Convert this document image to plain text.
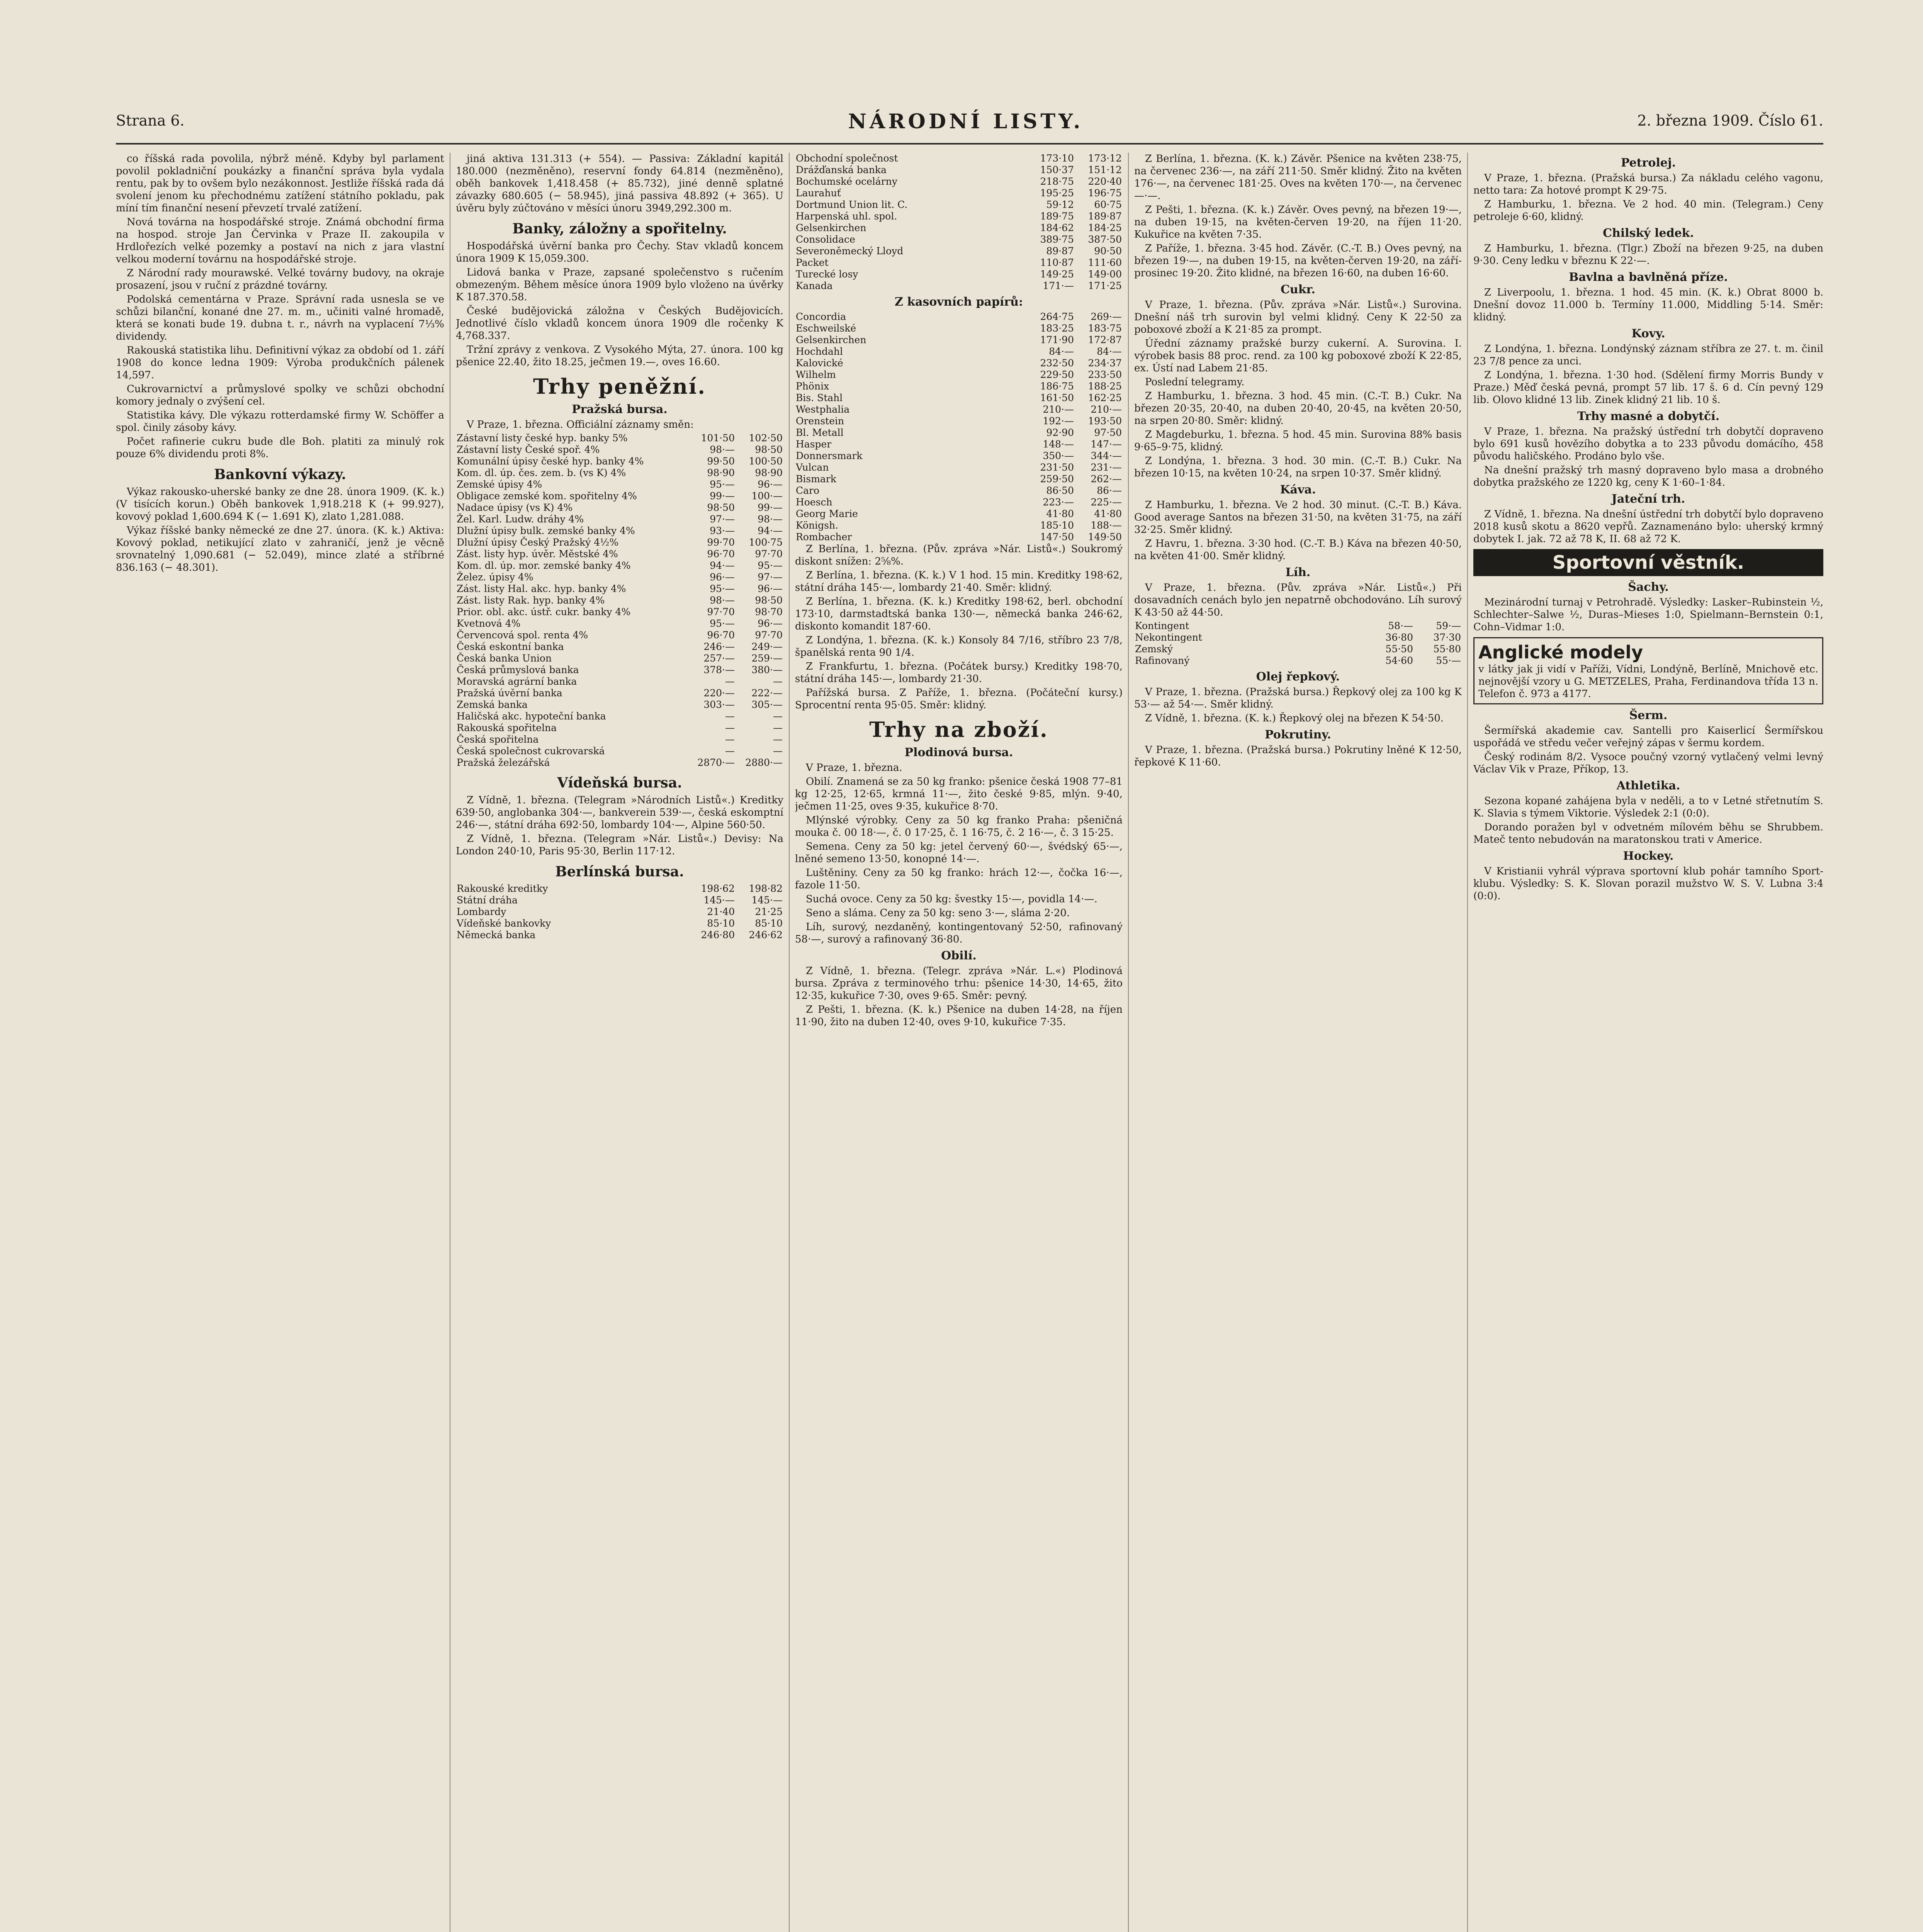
Strana 6.	NÁRODNÍ LISTY.	2. března 1909. Číslo 61.
co říšská rada povolila, nýbrž méně. Kdyby byl parlament povolil pokladniční poukázky a finanční správa byla vydala rentu, pak by to ovšem bylo nezákonnost. Jestliže říšská rada dá svolení jenom ku přechodnému zatížení státního pokladu, pak míní tím finanční nesení převzetí trvalé zatížení.
Nová továrna na hospodářské stroje. Známá obchodní firma na hospod. stroje Jan Červinka v Praze II. zakoupila v Hrdlořezích velké pozemky a postaví na nich z jara vlastní velkou moderní továrnu na hospodářské stroje.
Z Národní rady mourawské. Velké továrny budovy, na okraje prosazení, jsou v ruční z prázdné továrny.
Podolská cementárna v Praze. Správní rada usnesla se ve schůzi bilanční, konané dne 27. m. m., učiniti valné hromadě, která se konati bude 19. dubna t. r., návrh na vyplacení 7⅓% dividendy.
Rakouská statistika lihu. Definitivní výkaz za období od 1. září 1908 do konce ledna 1909: Výroba produkčních pálenek 14,597.
Cukrovarnictví a průmyslové spolky ve schůzi obchodní komory jednaly o zvýšení cel.
Statistika kávy. Dle výkazu rotterdamské firmy W. Schöffer a spol. činily zásoby kávy.
Počet rafinerie cukru bude dle Boh. platiti za minulý rok pouze 6% dividendu proti 8%.
Bankovní výkazy.
Výkaz rakousko-uherské banky ze dne 28. února 1909. (K. k.) (V tisících korun.) Oběh bankovek 1,918.218 K (+ 99.927), kovový poklad 1,600.694 K (− 1.691 K), zlato 1,281.088.
Výkaz říšské banky německé ze dne 27. února. (K. k.) Aktiva: Kovový poklad, netikující zlato v zahraničí, jenž je věcně srovnatelný 1,090.681 (− 52.049), mince zlaté a stříbrné 836.163 (− 48.301).
jiná aktiva 131.313 (+ 554). — Passiva: Základní kapitál 180.000 (nezměněno), reservní fondy 64.814 (nezměněno), oběh bankovek 1,418.458 (+ 85.732), jiné denně splatné závazky 680.605 (− 58.945), jiná passiva 48.892 (+ 365). U úvěru byly zúčtováno v měsíci únoru 3949,292.300 m.
Banky, záložny a spořitelny.
Hospodářská úvěrní banka pro Čechy. Stav vkladů koncem února 1909 K 15,059.300.
Lidová banka v Praze, zapsané společenstvo s ručením obmezeným. Během měsíce února 1909 bylo vloženo na úvěrky K 187.370.58.
České budějovická záložna v Českých Budějovicích. Jednotlivé číslo vkladů koncem února 1909 dle ročenky K 4,768.337.
Tržní zprávy z venkova. Z Vysokého Mýta, 27. února. 100 kg pšenice 22.40, žito 18.25, ječmen 19.—, oves 16.60.
Trhy peněžní.
Pražská bursa.
V Praze, 1. března. Officiální záznamy směn:
Zástavní listy české hyp. banky 5%	101·50	102·50
Zástavní listy České spoř. 4%	98·—	98·50
Komunální úpisy české hyp. banky 4%	99·50	100·50
Kom. dl. úp. čes. zem. b. (vs K) 4%	98·90	98·90
Zemské úpisy 4%	95·—	96·—
Obligace zemské kom. spořitelny 4%	99·—	100·—
Nadace úpisy (vs K) 4%	98·50	99·—
Žel. Karl. Ludw. dráhy 4%	97·—	98·—
Dlužní úpisy bulk. zemské banky 4%	93·—	94·—
Dlužní úpisy Český Pražský 4½%	99·70	100·75
Zást. listy hyp. úvěr. Městské 4%	96·70	97·70
Kom. dl. úp. mor. zemské banky 4%	94·—	95·—
Želez. úpisy 4%	96·—	97·—
Zást. listy Hal. akc. hyp. banky 4%	95·—	96·—
Zást. listy Rak. hyp. banky 4%	98·—	98·50
Prior. obl. akc. ústř. cukr. banky 4%	97·70	98·70
Kvetnová 4%	95·—	96·—
Červencová spol. renta 4%	96·70	97·70
Česká eskontní banka	246·—	249·—
Česká banka Union	257·—	259·—
Česká průmyslová banka	378·—	380·—
Moravská agrární banka	—	—
Pražská úvěrní banka	220·—	222·—
Zemská banka	303·—	305·—
Haličská akc. hypoteční banka	—	—
Rakouská spořitelna	—	—
Česká spořitelna	—	—
Česká společnost cukrovarská	—	—
Pražská železářská	2870·—	2880·—
Vídeňská bursa.
Z Vídně, 1. března. (Telegram »Národních Listů«.) Kreditky 639·50, anglobanka 304·—, bankverein 539·—, česká eskomptní 246·—, státní dráha 692·50, lombardy 104·—, Alpine 560·50.
Z Vídně, 1. března. (Telegram »Nár. Listů«.) Devisy: Na London 240·10, Paris 95·30, Berlin 117·12.
Berlínská bursa.
Rakouské kreditky	198·62	198·82
Státní dráha	145·—	145·—
Lombardy	21·40	21·25
Vídeňské bankovky	85·10	85·10
Německá banka	246·80	246·62
Obchodní společnost	173·10	173·12
Drážďanská banka	150·37	151·12
Bochumské ocelárny	218·75	220·40
Laurahuť	195·25	196·75
Dortmund Union lit. C.	59·12	60·75
Harpenská uhl. spol.	189·75	189·87
Gelsenkirchen	184·62	184·25
Consolidace	389·75	387·50
Severoněmecký Lloyd	89·87	90·50
Packet	110·87	111·60
Turecké losy	149·25	149·00
Kanada	171·—	171·25
Z kasovních papírů:
Concordia	264·75	269·—
Eschweilské	183·25	183·75
Gelsenkirchen	171·90	172·87
Hochdahl	84·—	84·—
Kalovické	232·50	234·37
Wilhelm	229·50	233·50
Phönix	186·75	188·25
Bis. Stahl	161·50	162·25
Westphalia	210·—	210·—
Orenstein	192·—	193·50
Bl. Metall	92·90	97·50
Hasper	148·—	147·—
Donnersmark	350·—	344·—
Vulcan	231·50	231·—
Bismark	259·50	262·—
Caro	86·50	86·—
Hoesch	223·—	225·—
Georg Marie	41·80	41·80
Königsh.	185·10	188·—
Rombacher	147·50	149·50
Z Berlína, 1. března. (Pův. zpráva »Nár. Listů«.) Soukromý diskont snížen: 2⅝%.
Z Berlína, 1. března. (K. k.) V 1 hod. 15 min. Kreditky 198·62, státní dráha 145·—, lombardy 21·40. Směr: klidný.
Z Berlína, 1. března. (K. k.) Kreditky 198·62, berl. obchodní 173·10, darmstadtská banka 130·—, německá banka 246·62, diskonto komandit 187·60.
Z Londýna, 1. března. (K. k.) Konsoly 84 7/16, stříbro 23 7/8, španělská renta 90 1/4.
Z Frankfurtu, 1. března. (Počátek bursy.) Kreditky 198·70, státní dráha 145·—, lombardy 21·30.
Pařížská bursa. Z Paříže, 1. března. (Počáteční kursy.) Sprocentní renta 95·05. Směr: klidný.
Trhy na zboží.
Plodinová bursa.
V Praze, 1. března.
Obilí. Znamená se za 50 kg franko: pšenice česká 1908 77–81 kg 12·25, 12·65, krmná 11·—, žito české 9·85, mlýn. 9·40, ječmen 11·25, oves 9·35, kukuřice 8·70.
Mlýnské výrobky. Ceny za 50 kg franko Praha: pšeničná mouka č. 00 18·—, č. 0 17·25, č. 1 16·75, č. 2 16·—, č. 3 15·25.
Semena. Ceny za 50 kg: jetel červený 60·—, švédský 65·—, lněné semeno 13·50, konopné 14·—.
Luštěniny. Ceny za 50 kg franko: hrách 12·—, čočka 16·—, fazole 11·50.
Suchá ovoce. Ceny za 50 kg: švestky 15·—, povidla 14·—.
Seno a sláma. Ceny za 50 kg: seno 3·—, sláma 2·20.
Líh, surový, nezdaněný, kontingentovaný 52·50, rafinovaný 58·—, surový a rafinovaný 36·80.
Obilí.
Z Vídně, 1. března. (Telegr. zpráva »Nár. L.«) Plodinová bursa. Zpráva z terminového trhu: pšenice 14·30, 14·65, žito 12·35, kukuřice 7·30, oves 9·65. Směr: pevný.
Z Pešti, 1. března. (K. k.) Pšenice na duben 14·28, na říjen 11·90, žito na duben 12·40, oves 9·10, kukuřice 7·35.
Z Berlína, 1. března. (K. k.) Závěr. Pšenice na květen 238·75, na červenec 236·—, na září 211·50. Směr klidný. Žito na květen 176·—, na červenec 181·25. Oves na květen 170·—, na červenec —·—.
Z Pešti, 1. března. (K. k.) Závěr. Oves pevný, na březen 19·—, na duben 19·15, na květen-červen 19·20, na říjen 11·20. Kukuřice na květen 7·35.
Z Paříže, 1. března. 3·45 hod. Závěr. (C.-T. B.) Oves pevný, na březen 19·—, na duben 19·15, na květen-červen 19·20, na září-prosinec 19·20. Žito klidné, na březen 16·60, na duben 16·60.
Cukr.
V Praze, 1. března. (Pův. zpráva »Nár. Listů«.) Surovina. Dnešní náš trh surovin byl velmi klidný. Ceny K 22·50 za poboxové zboží a K 21·85 za prompt.
Úřední záznamy pražské burzy cukerní. A. Surovina. I. výrobek basis 88 proc. rend. za 100 kg poboxové zboží K 22·85, ex. Ústí nad Labem 21·85.
Poslední telegramy.
Z Hamburku, 1. března. 3 hod. 45 min. (C.-T. B.) Cukr. Na březen 20·35, 20·40, na duben 20·40, 20·45, na květen 20·50, na srpen 20·80. Směr: klidný.
Z Magdeburku, 1. března. 5 hod. 45 min. Surovina 88% basis 9·65–9·75, klidný.
Z Londýna, 1. března. 3 hod. 30 min. (C.-T. B.) Cukr. Na březen 10·15, na květen 10·24, na srpen 10·37. Směr klidný.
Káva.
Z Hamburku, 1. března. Ve 2 hod. 30 minut. (C.-T. B.) Káva. Good average Santos na březen 31·50, na květen 31·75, na září 32·25. Směr klidný.
Z Havru, 1. března. 3·30 hod. (C.-T. B.) Káva na březen 40·50, na květen 41·00. Směr klidný.
Líh.
V Praze, 1. března. (Pův. zpráva »Nár. Listů«.) Při dosavadních cenách bylo jen nepatrně obchodováno. Líh surový K 43·50 až 44·50.
Kontingent	58·—	59·—
Nekontingent	36·80	37·30
Zemský	55·50	55·80
Rafinovaný	54·60	55·—
Olej řepkový.
V Praze, 1. března. (Pražská bursa.) Řepkový olej za 100 kg K 53·— až 54·—. Směr klidný.
Z Vídně, 1. března. (K. k.) Řepkový olej na březen K 54·50.
Pokrutiny.
V Praze, 1. března. (Pražská bursa.) Pokrutiny lněné K 12·50, řepkové K 11·60.
Petrolej.
V Praze, 1. března. (Pražská bursa.) Za nákladu celého vagonu, netto tara: Za hotové prompt K 29·75.
Z Hamburku, 1. března. Ve 2 hod. 40 min. (Telegram.) Ceny petroleje 6·60, klidný.
Chilský ledek.
Z Hamburku, 1. března. (Tlgr.) Zboží na březen 9·25, na duben 9·30. Ceny ledku v březnu K 22·—.
Bavlna a bavlněná příze.
Z Liverpoolu, 1. března. 1 hod. 45 min. (K. k.) Obrat 8000 b. Dnešní dovoz 11.000 b. Termíny 11.000, Middling 5·14. Směr: klidný.
Kovy.
Z Londýna, 1. března. Londýnský záznam stříbra ze 27. t. m. činil 23 7/8 pence za unci.
Z Londýna, 1. března. 1·30 hod. (Sdělení firmy Morris Bundy v Praze.) Měď česká pevná, prompt 57 lib. 17 š. 6 d. Cín pevný 129 lib. Olovo klidné 13 lib. Zinek klidný 21 lib. 10 š.
Trhy masné a dobytčí.
V Praze, 1. března. Na pražský ústřední trh dobytčí dopraveno bylo 691 kusů hovězího dobytka a to 233 původu domácího, 458 původu haličského. Prodáno bylo vše.
Na dnešní pražský trh masný dopraveno bylo masa a drobného dobytka pražského ze 1220 kg, ceny K 1·60–1·84.
Jateční trh.
Z Vídně, 1. března. Na dnešní ústřední trh dobytčí bylo dopraveno 2018 kusů skotu a 8620 vepřů. Zaznamenáno bylo: uherský krmný dobytek I. jak. 72 až 78 K, II. 68 až 72 K.
Sportovní věstník.
Šachy.
Mezinárodní turnaj v Petrohradě. Výsledky: Lasker–Rubinstein ½, Schlechter–Salwe ½, Duras–Mieses 1:0, Spielmann–Bernstein 0:1, Cohn–Vidmar 1:0.
Anglické modely
v látky jak ji vidí v Paříži, Vídni, Londýně, Berlíně, Mnichově etc. nejnovější vzory u G. METZELES, Praha, Ferdinandova třída 13 n. Telefon č. 973 a 4177.
Šerm.
Šermířská akademie cav. Santelli pro Kaiserlicí Šermířskou uspořádá ve středu večer veřejný zápas v šermu kordem.
Český rodinám 8/2. Vysoce poučný vzorný vytlačený velmi levný Václav Vik v Praze, Příkop, 13.
Athletika.
Sezona kopané zahájena byla v neděli, a to v Letné střetnutím S. K. Slavia s týmem Viktorie. Výsledek 2:1 (0:0).
Dorando poražen byl v odvetném mílovém běhu se Shrubbem. Mateč tento nebudován na maratonskou trati v Americe.
Hockey.
V Kristianii vyhrál výprava sportovní klub pohár tamního Sport-klubu. Výsledky: S. K. Slovan porazil mužstvo W. S. V. Lubna 3:4 (0:0).
